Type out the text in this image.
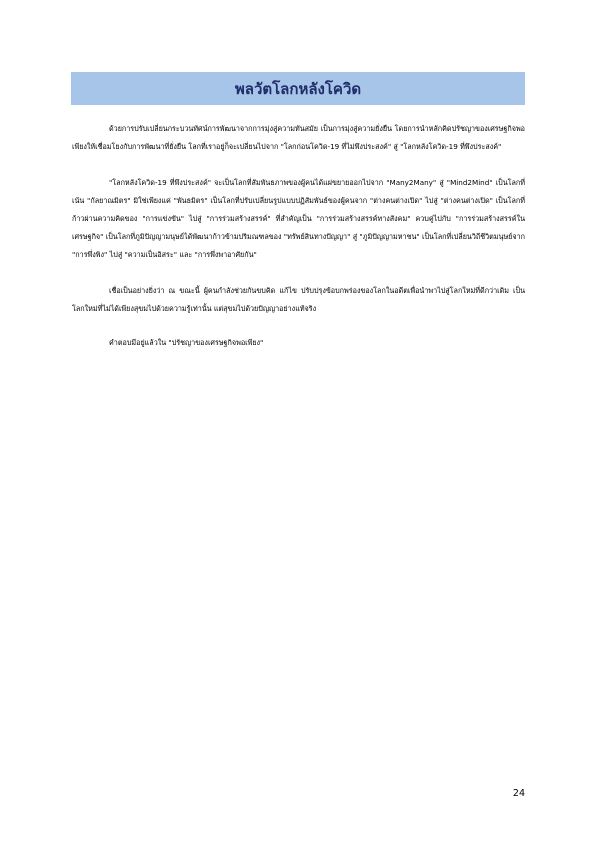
พลวัตโลกหลังโควิด

ด้วยการปรับเปลี่ยนกระบวนทัศน์การพัฒนาจากการมุ่งสู่ความทันสมัย เป็นการมุ่งสู่ความยั่งยืน โดยการนำหลักคิดปรัชญาของเศรษฐกิจพอเพียงให้เชื่อมโยงกับการพัฒนาที่ยั่งยืน โลกที่เราอยู่ก็จะเปลี่ยนไปจาก "โลกก่อนโควิด-19 ที่ไม่พึงประสงค์" สู่ "โลกหลังโควิด-19 ที่พึงประสงค์"

"โลกหลังโควิด-19 ที่พึงประสงค์" จะเป็นโลกที่สัมพันธภาพของผู้คนได้แผ่ขยายออกไปจาก "Many2Many" สู่ "Mind2Mind" เป็นโลกที่เน้น "กัลยาณมิตร" มิใช่เพียงแค่ "พันธมิตร" เป็นโลกที่ปรับเปลี่ยนรูปแบบปฏิสัมพันธ์ของผู้คนจาก "ต่างคนต่างเปิด" ไปสู่ "ต่างคนต่างเปิด" เป็นโลกที่ก้าวผ่านความคิดของ "การแข่งขัน" ไปสู่ "การร่วมสร้างสรรค์" ที่สำคัญเป็น "การร่วมสร้างสรรค์ทางสังคม" ควบคู่ไปกับ "การร่วมสร้างสรรค์ในเศรษฐกิจ" เป็นโลกที่ภูมิปัญญามนุษย์ได้พัฒนาก้าวข้ามปริมณฑลของ "ทรัพย์สินทางปัญญา" สู่ "ภูมิปัญญามหาชน" เป็นโลกที่เปลี่ยนวิถีชีวิตมนุษย์จาก "การพึ่งพิง" ไปสู่ "ความเป็นอิสระ" และ "การพึ่งพาอาศัยกัน"

เชื่อเป็นอย่างยิ่งว่า ณ ขณะนี้ ผู้คนกำลังช่วยกันขบคิด แก้ไข ปรับปรุงข้อบกพร่องของโลกในอดีตเพื่อนำพาไปสู่โลกใหม่ที่ดีกว่าเดิม เป็นโลกใหม่ที่ไม่ได้เพียงสุขมไปด้วยความรู้เท่านั้น แต่สุขมไปด้วยปัญญาอย่างแท้จริง

คำตอบมีอยู่แล้วใน "ปรัชญาของเศรษฐกิจพอเพียง"

24
